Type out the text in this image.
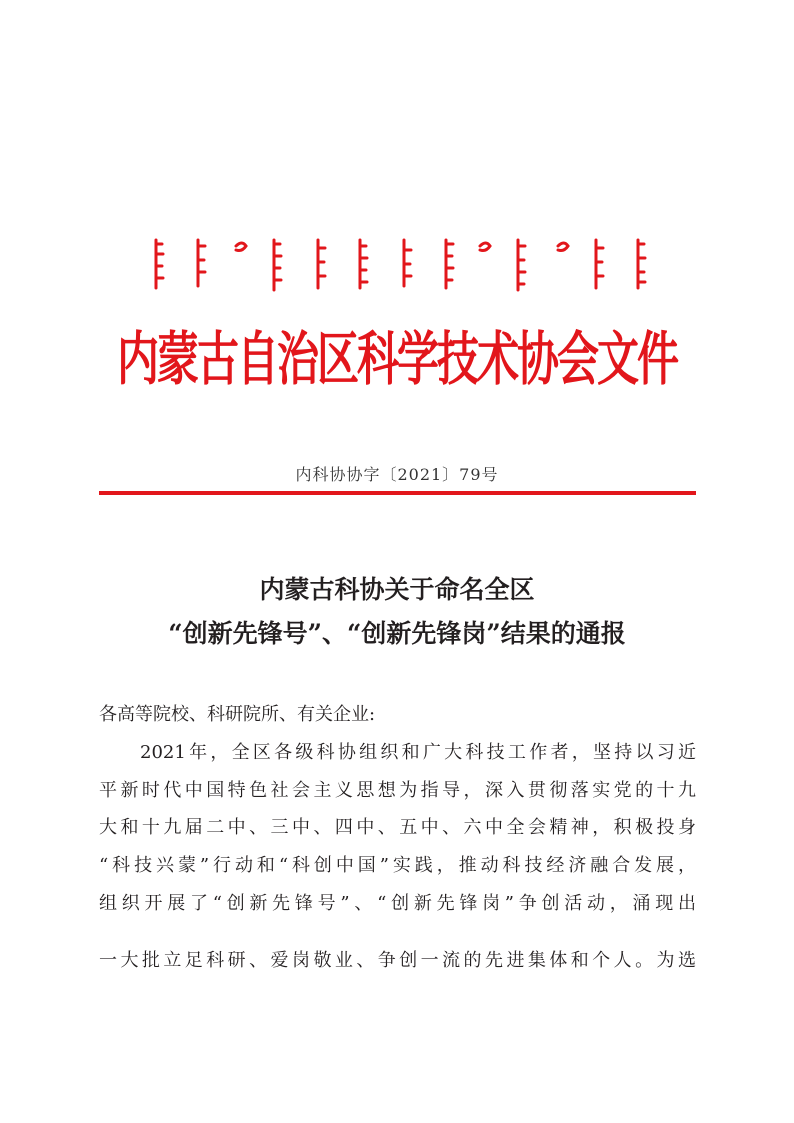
内蒙古自治区科学技术协会文件
内科协协字〔2021〕79号
内蒙古科协关于命名全区
“创新先锋号”、“创新先锋岗”结果的通报
各高等院校、科研院所、有关企业:
2021年，全区各级科协组织和广大科技工作者，坚持以习近
平新时代中国特色社会主义思想为指导，深入贯彻落实党的十九
大和十九届二中、三中、四中、五中、六中全会精神，积极投身
“科技兴蒙”行动和“科创中国”实践，推动科技经济融合发展，
组织开展了“创新先锋号”、“创新先锋岗”争创活动，涌现出
一大批立足科研、爱岗敬业、争创一流的先进集体和个人。为选
